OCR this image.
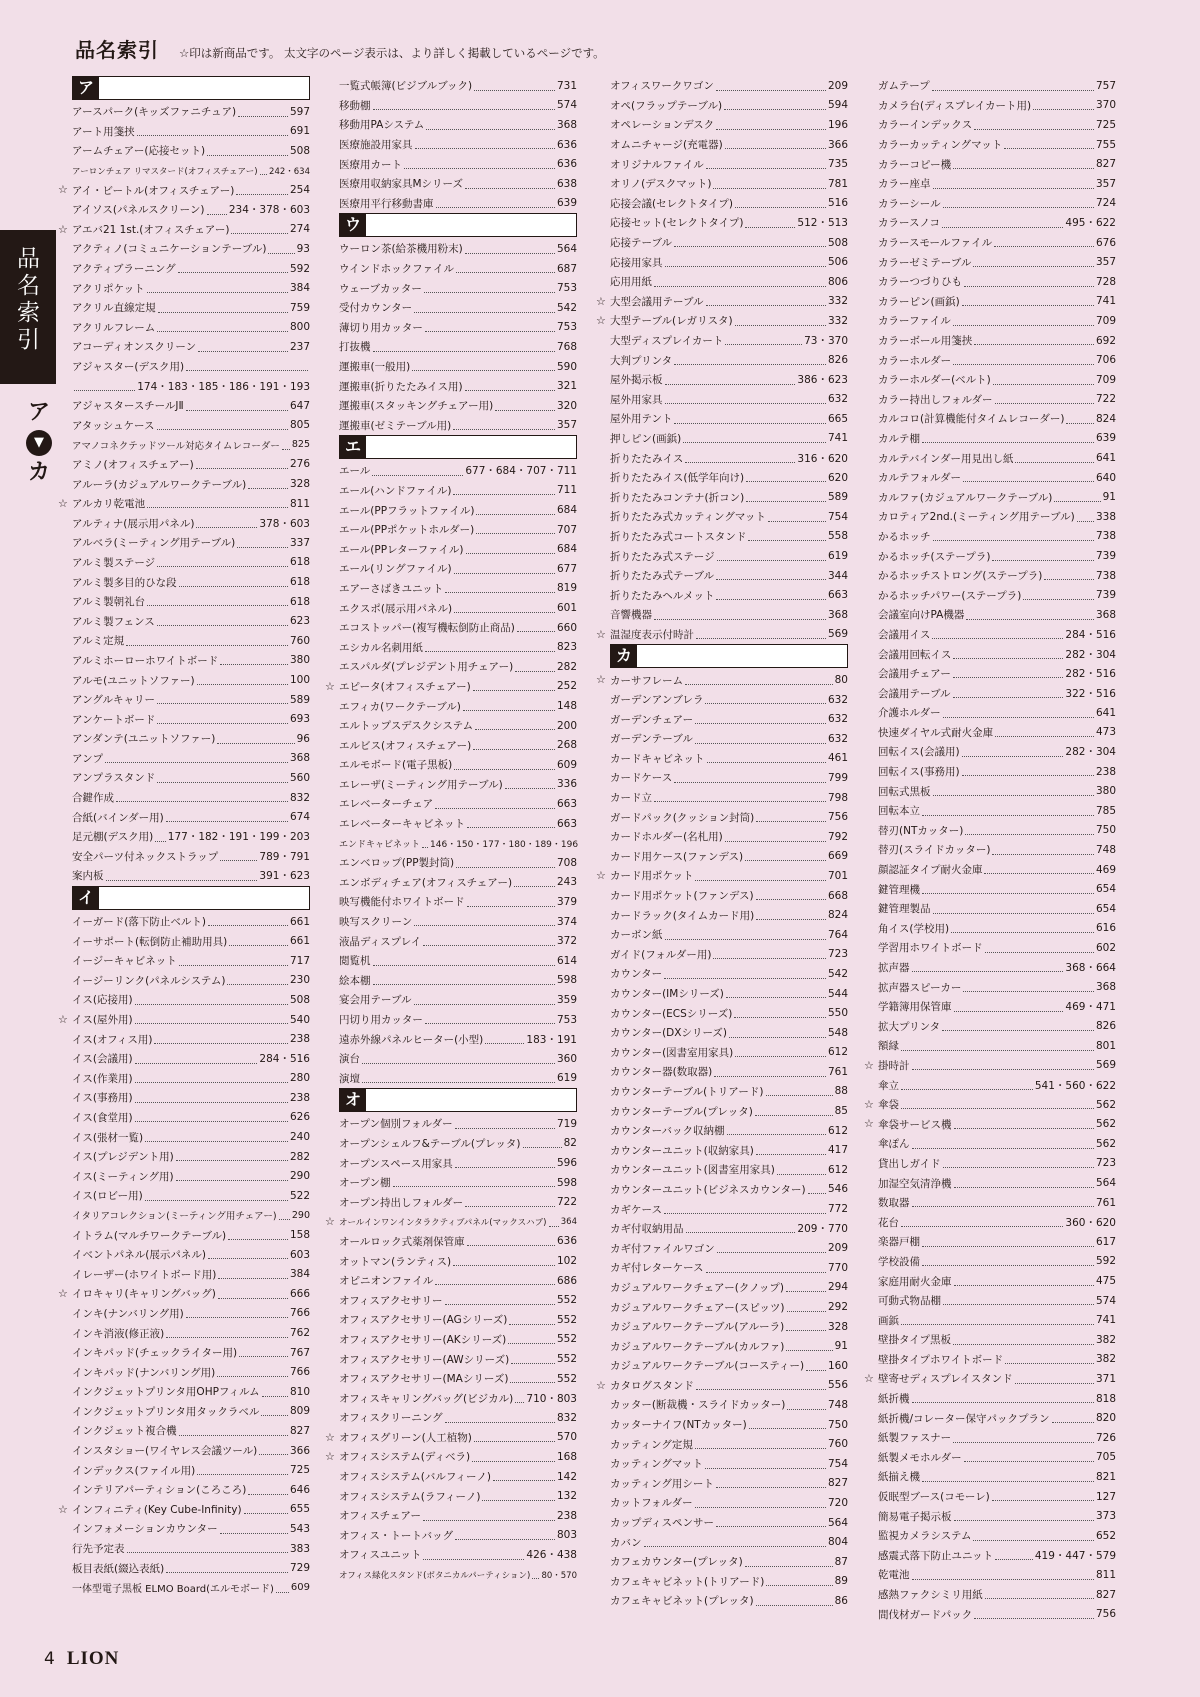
品名索引 ☆印は新商品です。 太文字のページ表示は、より詳しく掲載しているページです。
品名索引
ア
▼
カ
ア
アースパーク(キッズファニチュア)	597
アート用箋挟	691
アームチェアー(応接セット)	508
アーロンチェア リマスタード(オフィスチェアー) 242・634
☆ アイ・ビートル(オフィスチェアー)	254
アイソス(パネルスクリーン) 234・378・603
☆ アエバ21 1st.(オフィスチェアー)	274
アクティノ(コミュニケーションテーブル)	93
アクティブラーニング	592
アクリポケット	384
アクリル直線定規	759
アクリルフレーム	800
アコーディオンスクリーン	237
アジャスター(デスク用)
174・183・185・186・191・193
アジャスタースチールJⅡ	647
アタッシュケース	805
アマノコネクテッドツール対応タイムレコーダー 825
アミノ(オフィスチェアー)	276
アルーラ(カジュアルワークテーブル)	328
☆ アルカリ乾電池	811
アルティナ(展示用パネル)	378・603
アルベラ(ミーティング用テーブル)	337
アルミ製ステージ	618
アルミ製多目的ひな段	618
アルミ製朝礼台	618
アルミ製フェンス	623
アルミ定規	760
アルミホーローホワイトボード	380
アルモ(ユニットソファー)	100
アングルキャリー	589
アンケートボード	693
アンダンテ(ユニットソファー)	96
アンプ	368
アンプラスタンド	560
合鍵作成	832
合紙(バインダー用)	674
足元棚(デスク用) 177・182・191・199・203
安全パーツ付ネックストラップ	789・791
案内板	391・623
イ
イーガード(落下防止ベルト)	661
イーサポート(転倒防止補助用具)	661
イージーキャビネット	717
イージーリンク(パネルシステム)	230
イス(応接用)	508
☆ イス(屋外用)	540
イス(オフィス用)	238
イス(会議用)	284・516
イス(作業用)	280
イス(事務用)	238
イス(食堂用)	626
イス(張材一覧)	240
イス(プレジデント用)	282
イス(ミーティング用)	290
イス(ロビー用)	522
イタリアコレクション(ミーティング用チェアー) 290
イトラム(マルチワークテーブル)	158
イベントパネル(展示パネル)	603
イレーザー(ホワイトボード用)	384
☆ イロキャリ(キャリングバッグ)	666
インキ(ナンバリング用)	766
インキ消液(修正液)	762
インキパッド(チェックライター用)	767
インキパッド(ナンバリング用)	766
インクジェットプリンタ用OHPフィルム	810
インクジェットプリンタ用タックラベル	809
インクジェット複合機	827
インスタショー(ワイヤレス会議ツール)	366
インデックス(ファイル用)	725
インテリアパーティション(ころころ)	646
☆ インフィニティ(Key Cube-Infinity)	655
インフォメーションカウンター	543
行先予定表	383
板目表紙(綴込表紙)	729
一体型電子黒板 ELMO Board(エルモボード) 609
一覧式帳簿(ビジブルブック)	731
移動棚	574
移動用PAシステム	368
医療施設用家具	636
医療用カート	636
医療用収納家具Mシリーズ	638
医療用平行移動書庫	639
ウ
ウーロン茶(給茶機用粉末)	564
ウインドホックファイル	687
ウェーブカッター	753
受付カウンター	542
薄切り用カッター	753
打抜機	768
運搬車(一般用)	590
運搬車(折りたたみイス用)	321
運搬車(スタッキングチェアー用)	320
運搬車(ゼミテーブル用)	357
エ
エール	677・684・707・711
エール(ハンドファイル)	711
エール(PPフラットファイル)	684
エール(PPポケットホルダー)	707
エール(PPレターファイル)	684
エール(リングファイル)	677
エアーさばきユニット	819
エクスポ(展示用パネル)	601
エコストッパー(複写機転倒防止商品)	660
エシカル名刺用紙	823
エスパルダ(プレジデント用チェアー)	282
☆ エピータ(オフィスチェアー)	252
エフィカ(ワークテーブル)	148
エルトップスデスクシステム	200
エルビス(オフィスチェアー)	268
エルモボード(電子黒板)	609
エレーザ(ミーティング用テーブル)	336
エレベーターチェア	663
エレベーターキャビネット	663
エンドキャビネット 146・150・177・180・189・196
エンベロップ(PP製封筒)	708
エンボディチェア(オフィスチェアー)	243
映写機能付ホワイトボード	379
映写スクリーン	374
液晶ディスプレイ	372
閲覧机	614
絵本棚	598
宴会用テーブル	359
円切り用カッター	753
遠赤外線パネルヒーター(小型)	183・191
演台	360
演壇	619
オ
オープン個別フォルダー	719
オープンシェルフ&テーブル(プレッタ)	82
オープンスペース用家具	596
オープン棚	598
オープン持出しフォルダー	722
☆ オールインワンインタラクティブパネル(マックスハブ) 364
オールロック式薬剤保管庫	636
オットマン(ランティス)	102
オピニオンファイル	686
オフィスアクセサリー	552
オフィスアクセサリー(AGシリーズ)	552
オフィスアクセサリー(AKシリーズ)	552
オフィスアクセサリー(AWシリーズ)	552
オフィスアクセサリー(MAシリーズ)	552
オフィスキャリングバッグ(ビジカル) 710・803
オフィスクリーニング	832
☆ オフィスグリーン(人工植物)	570
☆ オフィスシステム(ディベラ)	168
オフィスシステム(バルフィーノ)	142
オフィスシステム(ラフィーノ)	132
オフィスチェアー	238
オフィス・トートバッグ	803
オフィスユニット	426・438
オフィス緑化スタンド(ボタニカルパーティション) 80・570
オフィスワークワゴン	209
オペ(フラップテーブル)	594
オペレーションデスク	196
オムニチャージ(充電器)	366
オリジナルファイル	735
オリノ(デスクマット)	781
応接会議(セレクトタイプ)	516
応接セット(セレクトタイプ)	512・513
応接テーブル	508
応接用家具	506
応用用紙	806
☆ 大型会議用テーブル	332
☆ 大型テーブル(レガリスタ)	332
大型ディスプレイカート	73・370
大判プリンタ	826
屋外掲示板	386・623
屋外用家具	632
屋外用テント	665
押しピン(画鋲)	741
折りたたみイス	316・620
折りたたみイス(低学年向け)	620
折りたたみコンテナ(折コン)	589
折りたたみ式カッティングマット	754
折りたたみ式コートスタンド	558
折りたたみ式ステージ	619
折りたたみ式テーブル	344
折りたたみヘルメット	663
音響機器	368
☆ 温湿度表示付時計	569
カ
☆ カーサフレーム	80
ガーデンアンブレラ	632
ガーデンチェアー	632
ガーデンテーブル	632
カードキャビネット	461
カードケース	799
カード立	798
ガードパック(クッション封筒)	756
カードホルダー(名札用)	792
カード用ケース(ファンデス)	669
☆ カード用ポケット	701
カード用ポケット(ファンデス)	668
カードラック(タイムカード用)	824
カーボン紙	764
ガイド(フォルダー用)	723
カウンター	542
カウンター(IMシリーズ)	544
カウンター(ECSシリーズ)	550
カウンター(DXシリーズ)	548
カウンター(図書室用家具)	612
カウンター器(数取器)	761
カウンターテーブル(トリアード)	88
カウンターテーブル(プレッタ)	85
カウンターバック収納棚	612
カウンターユニット(収納家具)	417
カウンターユニット(図書室用家具)	612
カウンターユニット(ビジネスカウンター) 546
カギケース	772
カギ付収納用品	209・770
カギ付ファイルワゴン	209
カギ付レターケース	770
カジュアルワークチェアー(クノップ)	294
カジュアルワークチェアー(スピッツ)	292
カジュアルワークテーブル(アルーラ)	328
カジュアルワークテーブル(カルファ)	91
カジュアルワークテーブル(コースティー) 160
☆ カタログスタンド	556
カッター(断裁機・スライドカッター)	748
カッターナイフ(NTカッター)	750
カッティング定規	760
カッティングマット	754
カッティング用シート	827
カットフォルダー	720
カップディスペンサー	564
カバン	804
カフェカウンター(プレッタ)	87
カフェキャビネット(トリアード)	89
カフェキャビネット(プレッタ)	86
ガムテープ	757
カメラ台(ディスプレイカート用)	370
カラーインデックス	725
カラーカッティングマット	755
カラーコピー機	827
カラー座卓	357
カラーシール	724
カラースノコ	495・622
カラースモールファイル	676
カラーゼミテーブル	357
カラーつづりひも	728
カラーピン(画鋲)	741
カラーファイル	709
カラーボール用箋挟	692
カラーホルダー	706
カラーホルダー(ベルト)	709
カラー持出しフォルダー	722
カルコロ(計算機能付タイムレコーダー)	824
カルテ棚	639
カルテバインダー用見出し紙	641
カルテフォルダー	640
カルファ(カジュアルワークテーブル)	91
カロティア2nd.(ミーティング用テーブル) 338
かるホッチ	738
かるホッチ(ステープラ)	739
かるホッチストロング(ステープラ)	738
かるホッチパワー(ステープラ)	739
会議室向けPA機器	368
会議用イス	284・516
会議用回転イス	282・304
会議用チェアー	282・516
会議用テーブル	322・516
介護ホルダー	641
快速ダイヤル式耐火金庫	473
回転イス(会議用)	282・304
回転イス(事務用)	238
回転式黒板	380
回転本立	785
替刃(NTカッター)	750
替刃(スライドカッター)	748
顔認証タイプ耐火金庫	469
鍵管理機	654
鍵管理製品	654
角イス(学校用)	616
学習用ホワイトボード	602
拡声器	368・664
拡声器スピーカー	368
学籍簿用保管庫	469・471
拡大プリンタ	826
額縁	801
☆ 掛時計	569
傘立	541・560・622
☆ 傘袋	562
☆ 傘袋サービス機	562
傘ぽん	562
貸出しガイド	723
加湿空気清浄機	564
数取器	761
花台	360・620
楽器戸棚	617
学校設備	592
家庭用耐火金庫	475
可動式物品棚	574
画鋲	741
壁掛タイプ黒板	382
壁掛タイプホワイトボード	382
☆ 壁寄せディスプレイスタンド	371
紙折機	818
紙折機/コレーター保守パックプラン	820
紙製ファスナー	726
紙製メモホルダー	705
紙揃え機	821
仮眠型ブース(コモーレ)	127
簡易電子掲示板	373
監視カメラシステム	652
感震式落下防止ユニット	419・447・579
乾電池	811
感熱ファクシミリ用紙	827
間伐材ガードパック	756
4 LION
